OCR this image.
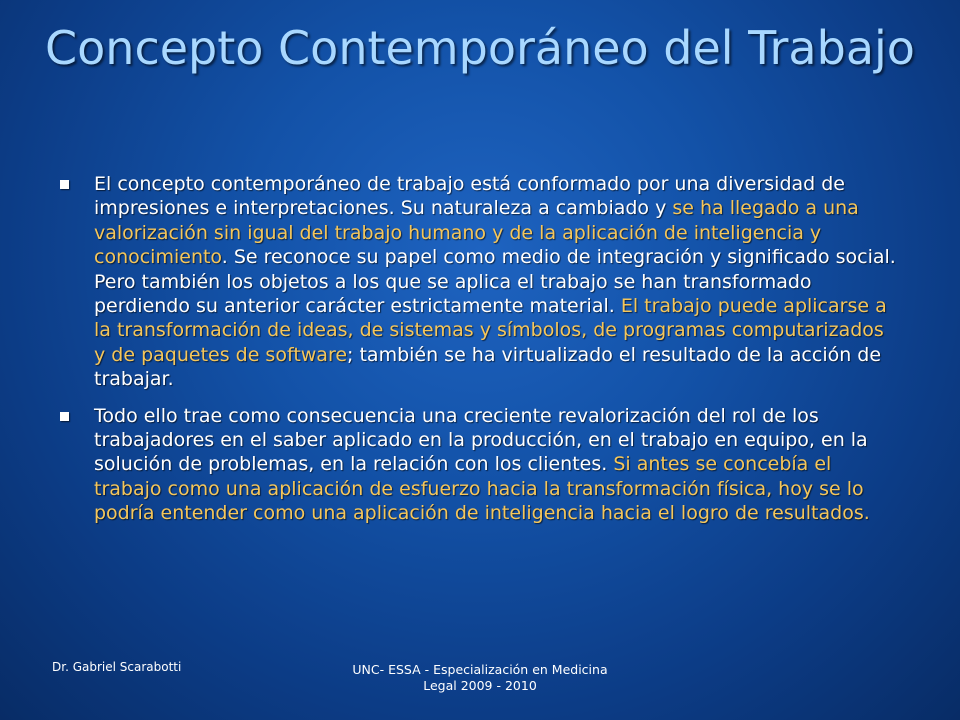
Concepto Contemporáneo del Trabajo
El concepto contemporáneo de trabajo está conformado por una diversidad de impresiones e interpretaciones. Su naturaleza a cambiado y se ha llegado a una valorización sin igual del trabajo humano y de la aplicación de inteligencia y conocimiento. Se reconoce su papel como medio de integración y significado social. Pero también los objetos a los que se aplica el trabajo se han transformado perdiendo su anterior carácter estrictamente material. El trabajo puede aplicarse a la transformación de ideas, de sistemas y símbolos, de programas computarizados y de paquetes de software; también se ha virtualizado el resultado de la acción de trabajar.
Todo ello trae como consecuencia una creciente revalorización del rol de los trabajadores en el saber aplicado en la producción, en el trabajo en equipo, en la solución de problemas, en la relación con los clientes. Si antes se concebía el trabajo como una aplicación de esfuerzo hacia la transformación física, hoy se lo podría entender como una aplicación de inteligencia hacia el logro de resultados.
Dr. Gabriel Scarabotti	UNC- ESSA - Especialización en Medicina
Legal 2009 - 2010
